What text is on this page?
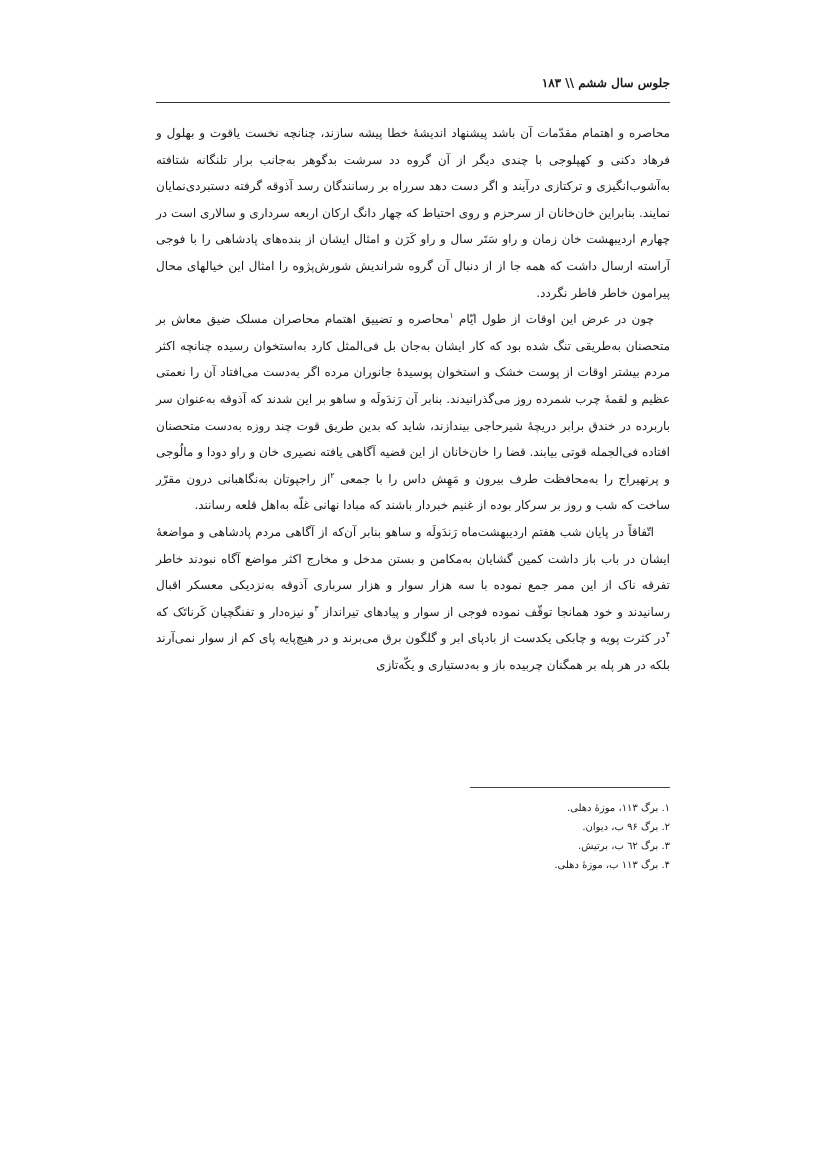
جلوس سال ششم \\ ۱۸۳

محاصره و اهتمام مقدّمات آن باشد پیشنهاد اندیشهٔ خطا پیشه سازند، چنانچه نخست یاقوت و بهلول و فرهاد دکنی و کهپلوجی با چندی دیگر از آن گروه دد سرشت بدگوهر به‌جانب برار تلنگانه شتافته به‌آشوب‌انگیزی و ترکتازی درآیند و اگر دست دهد سرراه بر رسانندگان رسد آذوقه گرفته دستبردی‌نمایان نمایند. بنابراین خان‌خانان از سرحزم و روی احتیاط که چهار دانگ ارکان اربعه سرداری و سالاری است در چهارم اردیبهشت خان زمان و راو سَتَر سال و راو کَرَن و امثال ایشان از بنده‌های پادشاهی را با فوجی آراسته ارسال داشت که همه جا از از دنبال آن گروه شراندیش شورش‌پژوه را امثال این خیالهای محال پیرامون خاطر فاطر نگردد.

چون در عرض این اوقات از طول ایّام $^۱$محاصره و تضییق اهتمام محاصران مسلک ضیق معاش بر متحصنان به‌طریقی تنگ شده بود که کار ایشان به‌جان بل فی‌المثل کارد به‌استخوان رسیده چنانچه اکثر مردم بیشتر اوقات از پوست خشک و استخوان پوسیدهٔ جانوران مرده اگر به‌دست می‌افتاد آن را نعمتی عظیم و لقمهٔ چرب شمرده روز می‌گذرانیدند. بنابر آن رَندَولَه و ساهو بر این شدند که آذوقه به‌عنوان سر باربرده در خندق برابر دریچهٔ شیرحاجی بیندازند، شاید که بدین طریق قوت چند روزه به‌دست متحصنان افتاده فی‌الجمله قوتی بیابند. قضا را خان‌خانان از این قضیه آگاهی یافته نصیری خان و راو دودا و مالُوجی و پرتهیراج را به‌محافظت طرف بیرون و مَهِش داس را با جمعی $^۲$از راجپوتان به‌نگاهبانی درون مقرّر ساخت که شب و روز بر سرکار بوده از غنیم خبردار باشند که مبادا نهانی غلّه به‌اهل قلعه رسانند.

اتّفاقاً در پایان شب هفتم اردیبهشت‌ماه رَندَولَه و ساهو بنابر آن‌که از آگاهی مردم پادشاهی و مواضعهٔ ایشان در باب باز داشت کمین گشایان به‌مکامن و بستن مدخل و مخارج اکثر مواضع آگاه نبودند خاطر تفرقه ناک از این ممر جمع نموده با سه هزار سوار و هزار سرباری آذوقه به‌نزدیکی معسکر اقبال رسانیدند و خود همانجا توقّف نموده فوجی از سوار و پیادهای تیرانداز $^۳$و نیزه‌دار و تفنگچیان کَرناتَک که $^۴$در کثرت پویه و چابکی یکدست از بادپای ابر و گلگون برق می‌برند و در هیچ‌پایه پای کم از سوار نمی‌آرند بلکه در هر پله بر همگنان چربیده باز و به‌دستیاری و یکّه‌تازی

۱. برگ ۱۱۳، موزهٔ دهلی.
۲. برگ ۹۶ ب، دیوان.
۳. برگ ٦٢ ب، برتیش.
۴. برگ ۱۱۳ ب، موزهٔ دهلی.
